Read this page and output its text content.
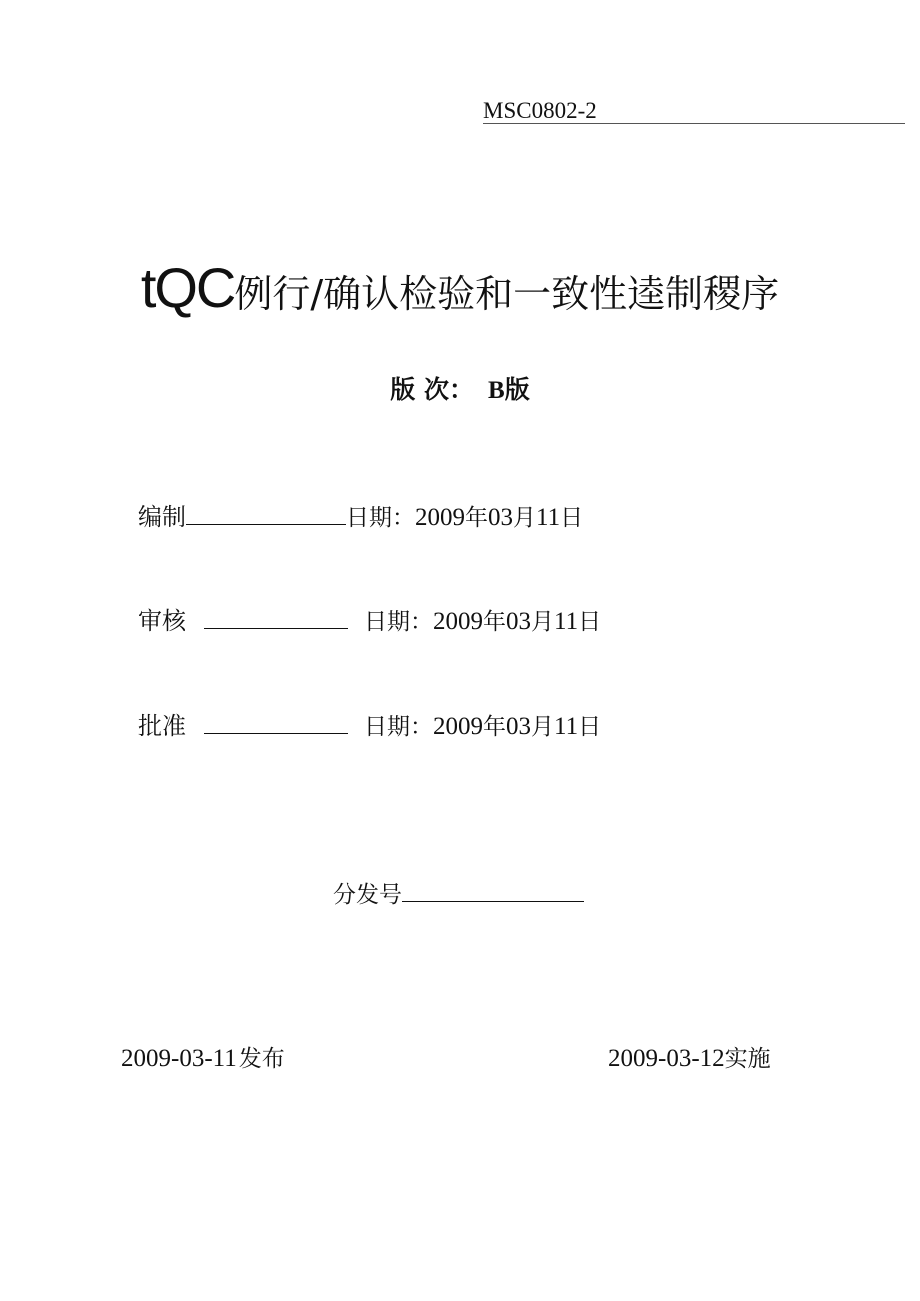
MSC0802-2
tQC例行/确认检验和一致性逵制稷序
版 次： B版
编制	日期：2009年03月11日
审核	日期：2009年03月11日
批准	日期：2009年03月11日
分发号
2009-03-11发布	2009-03-12实施
